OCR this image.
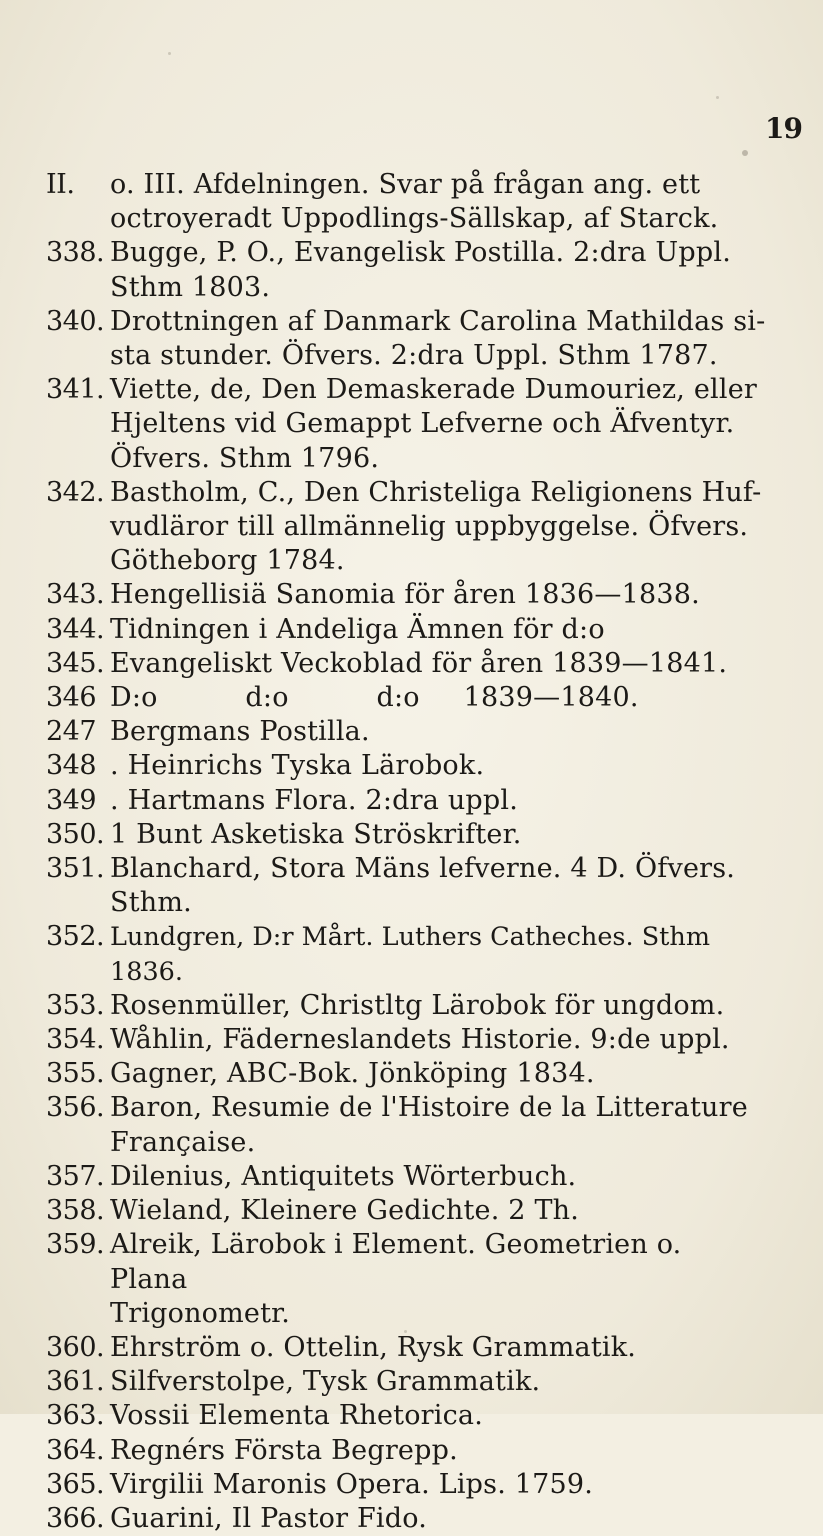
19
II.	o. III. Afdelningen. Svar på frågan ang. ett
octroyeradt Uppodlings-Sällskap, af Starck.
338. Bugge, P. O., Evangelisk Postilla. 2:dra Uppl.
Sthm 1803.
340. Drottningen af Danmark Carolina Mathildas si-
sta stunder. Öfvers. 2:dra Uppl. Sthm 1787.
341. Viette, de, Den Demaskerade Dumouriez, eller
Hjeltens vid Gemappt Lefverne och Äfventyr.
Öfvers. Sthm 1796.
342. Bastholm, C., Den Christeliga Religionens Huf-
vudläror till allmännelig uppbyggelse. Öfvers.
Götheborg 1784.
343. Hengellisiä Sanomia för åren 1836—1838.
344. Tidningen i Andeliga Ämnen för d:o
345. Evangeliskt Veckoblad för åren 1839—1841.
346 D:o          d:o          d:o     1839—1840.
247 Bergmans Postilla.
348 . Heinrichs Tyska Lärobok.
349 . Hartmans Flora. 2:dra uppl.
350. 1 Bunt Asketiska Ströskrifter.
351. Blanchard, Stora Mäns lefverne. 4 D. Öfvers.
Sthm.
352. Lundgren, D:r Mårt. Luthers Catheches. Sthm 1836.
353. Rosenmüller, Christltg Lärobok för ungdom.
354. Wåhlin, Fäderneslandets Historie. 9:de uppl.
355. Gagner, ABC-Bok. Jönköping 1834.
356. Baron, Resumie de l'Histoire de la Litterature
Française.
357. Dilenius, Antiquitets Wörterbuch.
358. Wieland, Kleinere Gedichte. 2 Th.
359. Alreik, Lärobok i Element. Geometrien o. Plana
Trigonometr.
360. Ehrström o. Ottelin, Rysk Grammatik.
361. Silfverstolpe, Tysk Grammatik.
363. Vossii Elementa Rhetorica.
364. Regnérs Första Begrepp.
365. Virgilii Maronis Opera. Lips. 1759.
366. Guarini, Il Pastor Fido.
